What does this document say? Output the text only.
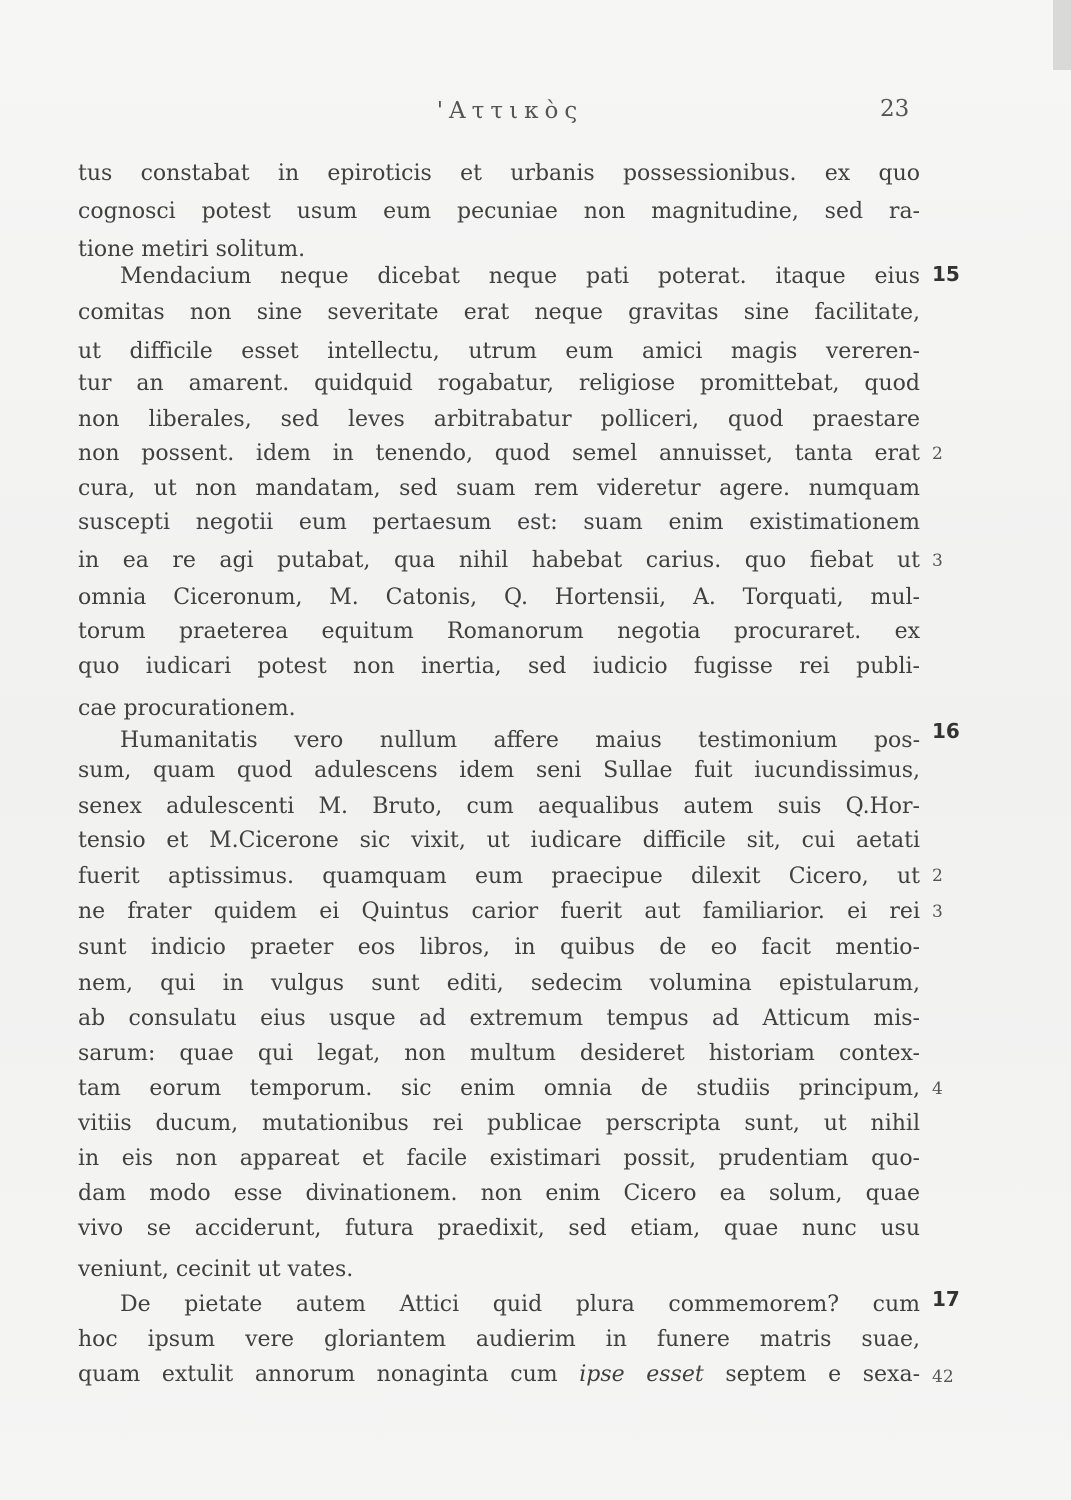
'Αττικὸς	23
tus constabat in epiroticis et urbanis possessionibus. ex quo
cognosci potest usum eum pecuniae non magnitudine, sed ra-
tione metiri solitum.
Mendacium neque dicebat neque pati poterat. itaque eius 15
comitas non sine severitate erat neque gravitas sine facilitate,
ut difficile esset intellectu, utrum eum amici magis vereren-
tur an amarent. quidquid rogabatur, religiose promittebat, quod
non liberales, sed leves arbitrabatur polliceri, quod praestare
non possent. idem in tenendo, quod semel annuisset, tanta erat 2
cura, ut non mandatam, sed suam rem videretur agere. numquam
suscepti negotii eum pertaesum est: suam enim existimationem
in ea re agi putabat, qua nihil habebat carius. quo fiebat ut 3
omnia Ciceronum, M. Catonis, Q. Hortensii, A. Torquati, mul-
torum praeterea equitum Romanorum negotia procuraret. ex
quo iudicari potest non inertia, sed iudicio fugisse rei publi-
cae procurationem.
Humanitatis vero nullum affere maius testimonium pos- 16
sum, quam quod adulescens idem seni Sullae fuit iucundissimus,
senex adulescenti M. Bruto, cum aequalibus autem suis Q.Hor-
tensio et M.Cicerone sic vixit, ut iudicare difficile sit, cui aetati
fuerit aptissimus. quamquam eum praecipue dilexit Cicero, ut 2
ne frater quidem ei Quintus carior fuerit aut familiarior. ei rei 3
sunt indicio praeter eos libros, in quibus de eo facit mentio-
nem, qui in vulgus sunt editi, sedecim volumina epistularum,
ab consulatu eius usque ad extremum tempus ad Atticum mis-
sarum: quae qui legat, non multum desideret historiam contex-
tam eorum temporum. sic enim omnia de studiis principum, 4
vitiis ducum, mutationibus rei publicae perscripta sunt, ut nihil
in eis non appareat et facile existimari possit, prudentiam quo-
dam modo esse divinationem. non enim Cicero ea solum, quae
vivo se acciderunt, futura praedixit, sed etiam, quae nunc usu
veniunt, cecinit ut vates.
De pietate autem Attici quid plura commemorem? cum 17
hoc ipsum vere gloriantem audierim in funere matris suae,
quam extulit annorum nonaginta cum ipse esset septem e sexa- 42
